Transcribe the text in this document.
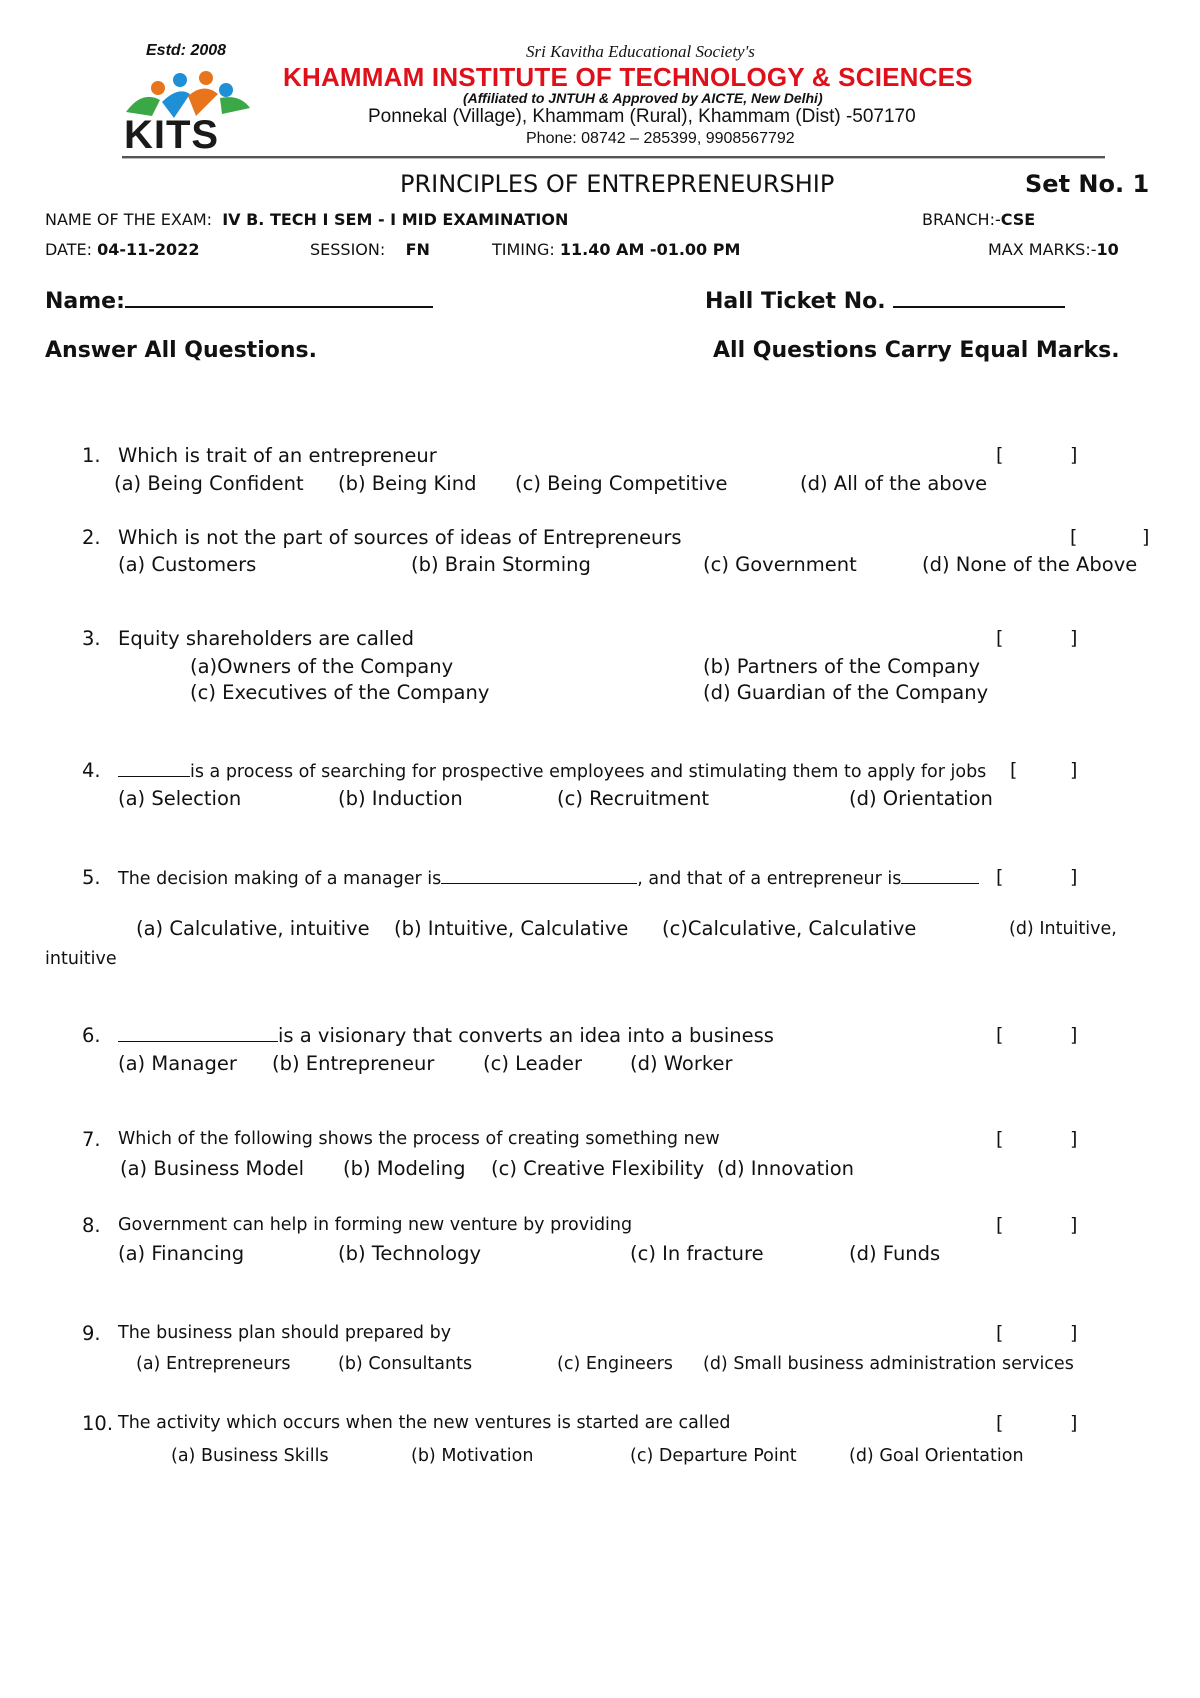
Estd: 2008	Sri Kavitha Educational Society's
KITS
KHAMMAM INSTITUTE OF TECHNOLOGY & SCIENCES
(Affiliated to JNTUH & Approved by AICTE, New Delhi)
Ponnekal (Village), Khammam (Rural), Khammam (Dist) -507170
Phone: 08742 – 285399, 9908567792
PRINCIPLES OF ENTREPRENEURSHIP	Set No. 1
NAME OF THE EXAM: IV B. TECH I SEM - I MID EXAMINATION	BRANCH:-CSE
DATE: 04-11-2022	SESSION: FN	TIMING: 11.40 AM -01.00 PM	MAX MARKS:-10
Name:	Hall Ticket No.
Answer All Questions.	All Questions Carry Equal Marks.
1. Which is trait of an entrepreneur	[	]
(a) Being Confident (b) Being Kind (c) Being Competitive	(d) All of the above
2. Which is not the part of sources of ideas of Entrepreneurs	[	]
(a) Customers	(b) Brain Storming	(c) Government	(d) None of the Above
3. Equity shareholders are called	[	]
(a)Owners of the Company	(b) Partners of the Company
(c) Executives of the Company	(d) Guardian of the Company
4.	is a process of searching for prospective employees and stimulating them to apply for jobs [	]
(a) Selection	(b) Induction	(c) Recruitment	(d) Orientation
5. The decision making of a manager is	, and that of a entrepreneur is	[	]
(a) Calculative, intuitive (b) Intuitive, Calculative (c)Calculative, Calculative	(d) Intuitive,
intuitive
6.	is a visionary that converts an idea into a business	[	]
(a) Manager (b) Entrepreneur (c) Leader (d) Worker
7. Which of the following shows the process of creating something new	[	]
(a) Business Model (b) Modeling (c) Creative Flexibility (d) Innovation
8. Government can help in forming new venture by providing	[	]
(a) Financing	(b) Technology	(c) In fracture	(d) Funds
9. The business plan should prepared by	[	]
(a) Entrepreneurs	(b) Consultants	(c) Engineers (d) Small business administration services
10. The activity which occurs when the new ventures is started are called	[	]
(a) Business Skills	(b) Motivation	(c) Departure Point	(d) Goal Orientation
